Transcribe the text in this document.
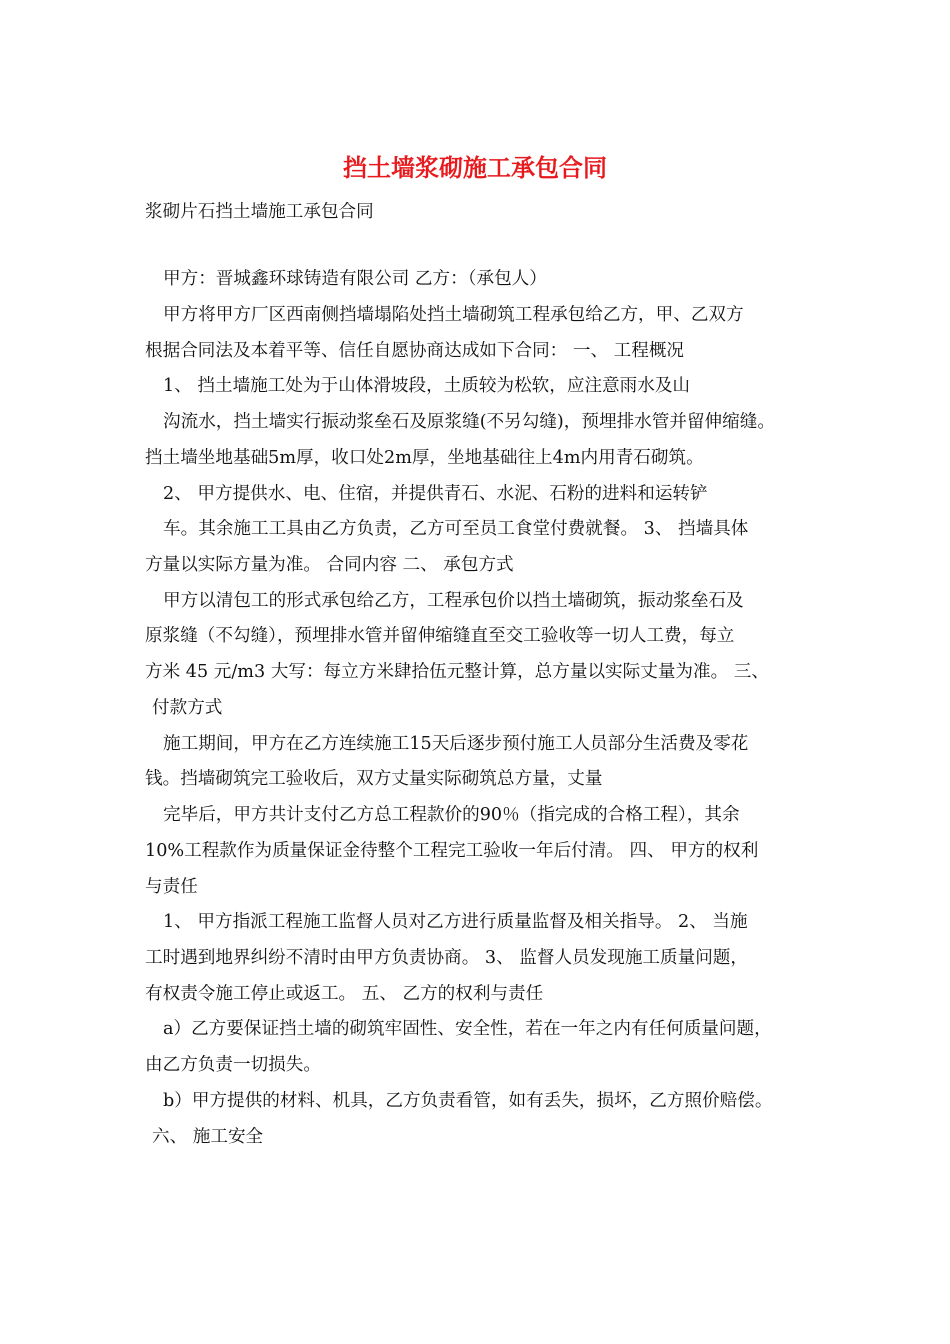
挡土墙浆砌施工承包合同
浆砌片石挡土墙施工承包合同
甲方：晋城鑫环球铸造有限公司 乙方：（承包人）
甲方将甲方厂区西南侧挡墙塌陷处挡土墙砌筑工程承包给乙方，甲、乙双方
根据合同法及本着平等、信任自愿协商达成如下合同： 一、 工程概况
1、 挡土墙施工处为于山体滑坡段，土质较为松软，应注意雨水及山
沟流水，挡土墙实行振动浆垒石及原浆缝(不另勾缝)，预埋排水管并留伸缩缝。
挡土墙坐地基础5m厚，收口处2m厚，坐地基础往上4m内用青石砌筑。
2、 甲方提供水、电、住宿，并提供青石、水泥、石粉的进料和运转铲
车。其余施工工具由乙方负责，乙方可至员工食堂付费就餐。 3、 挡墙具体
方量以实际方量为准。 合同内容 二、 承包方式
甲方以清包工的形式承包给乙方，工程承包价以挡土墙砌筑，振动浆垒石及
原浆缝（不勾缝），预埋排水管并留伸缩缝直至交工验收等一切人工费，每立
方米 45 元/m3 大写：每立方米肆拾伍元整计算，总方量以实际丈量为准。 三、
付款方式
施工期间，甲方在乙方连续施工15天后逐步预付施工人员部分生活费及零花
钱。挡墙砌筑完工验收后，双方丈量实际砌筑总方量，丈量
完毕后，甲方共计支付乙方总工程款价的90％（指完成的合格工程），其余
10%工程款作为质量保证金待整个工程完工验收一年后付清。 四、 甲方的权利
与责任
1、 甲方指派工程施工监督人员对乙方进行质量监督及相关指导。 2、 当施
工时遇到地界纠纷不清时由甲方负责协商。 3、 监督人员发现施工质量问题，
有权责令施工停止或返工。 五、 乙方的权利与责任
a）乙方要保证挡土墙的砌筑牢固性、安全性，若在一年之内有任何质量问题，
由乙方负责一切损失。
b）甲方提供的材料、机具，乙方负责看管，如有丢失，损坏，乙方照价赔偿。
六、 施工安全
